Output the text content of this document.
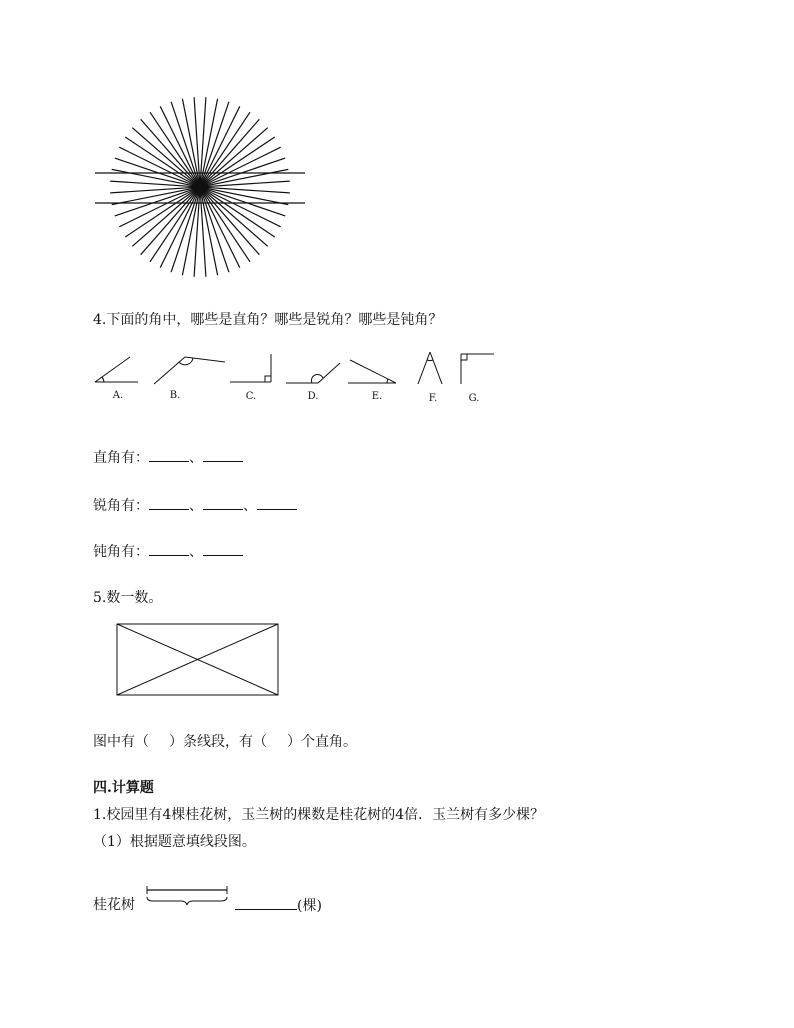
4.下面的角中，哪些是直角？哪些是锐角？哪些是钝角？
A.	B.	C.	D.	E.	F.	G.
直角有：	、
锐角有：	、	、
钝角有：	、
5.数一数。
图中有（ ）条线段，有（ ）个直角。
四.计算题
1.校园里有4棵桂花树，玉兰树的棵数是桂花树的4倍．玉兰树有多少棵？
（1）根据题意填线段图。
桂花树	(棵)
